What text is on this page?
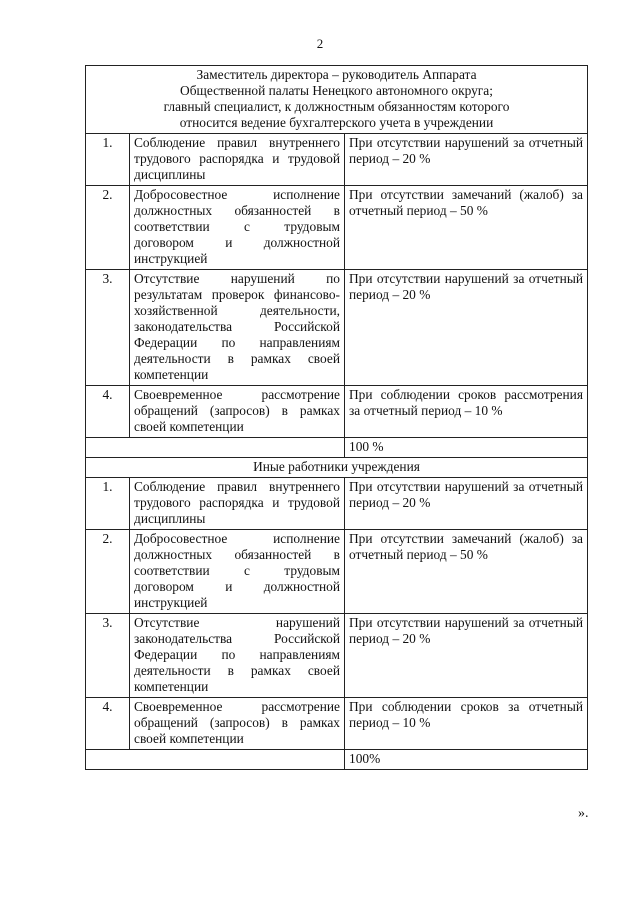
2
Заместитель директора – руководитель Аппарата
Общественной палаты Ненецкого автономного округа;
главный специалист, к должностным обязанностям которого
относится ведение бухгалтерского учета в учреждении		

1.	Соблюдение правил внутреннего трудового распорядка и трудовой дисциплины	При отсутствии нарушений за отчетный период – 20 %
2.	Добросовестное исполнение должностных обязанностей в соответствии с трудовым договором и должностной инструкцией	При отсутствии замечаний (жалоб) за отчетный период – 50 %
3.	Отсутствие нарушений по результатам проверок финансово-хозяйственной деятельности, законодательства Российской Федерации по направлениям деятельности в рамках своей компетенции	При отсутствии нарушений за отчетный период – 20 %
4.	Своевременное рассмотрение обращений (запросов) в рамках своей компетенции	При соблюдении сроков рассмотрения за отчетный период – 10 %
		100 %
Иные работники учреждения		
1.	Соблюдение правил внутреннего трудового распорядка и трудовой дисциплины	При отсутствии нарушений за отчетный период – 20 %
2.	Добросовестное исполнение должностных обязанностей в соответствии с трудовым договором и должностной инструкцией	При отсутствии замечаний (жалоб) за отчетный период – 50 %
3.	Отсутствие нарушений законодательства Российской Федерации по направлениям деятельности в рамках своей компетенции	При отсутствии нарушений за отчетный период – 20 %
4.	Своевременное рассмотрение обращений (запросов) в рамках своей компетенции	При соблюдении сроков за отчетный период – 10 %
		100%
».
